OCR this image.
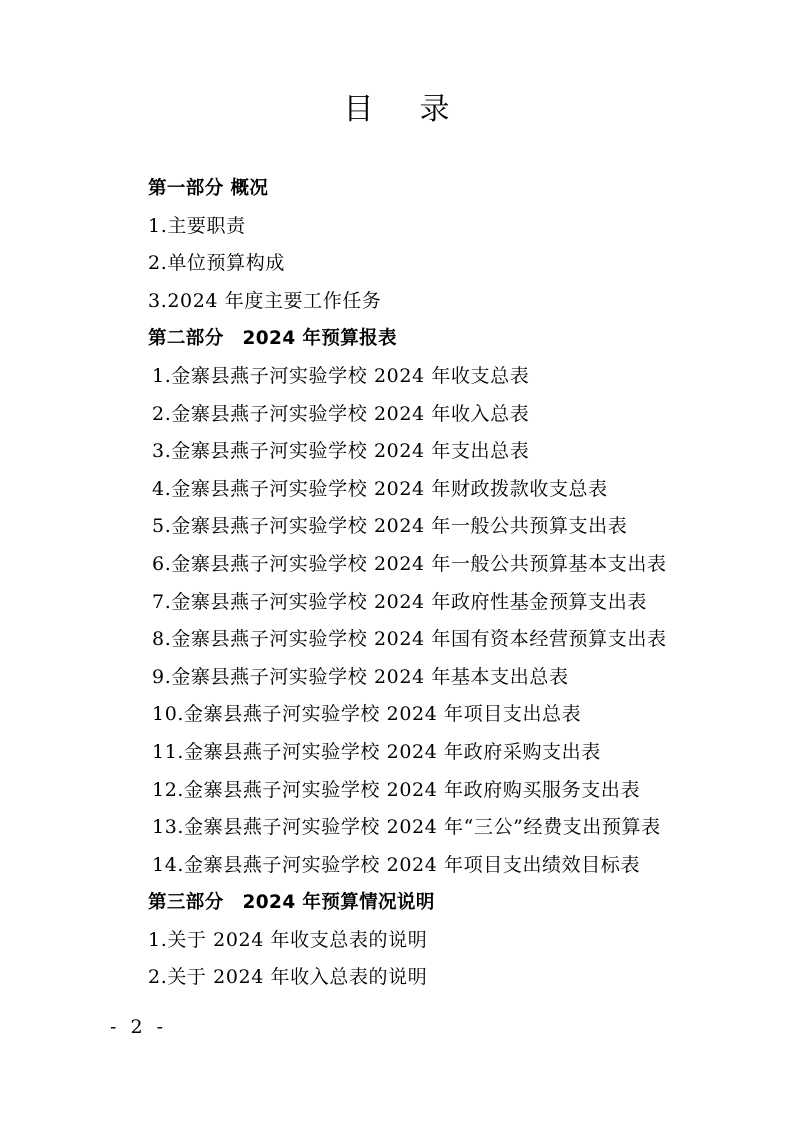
目 录
第一部分 概况
1.主要职责
2.单位预算构成
3.2024 年度主要工作任务
第二部分　2024 年预算报表
1.金寨县燕子河实验学校 2024 年收支总表
2.金寨县燕子河实验学校 2024 年收入总表
3.金寨县燕子河实验学校 2024 年支出总表
4.金寨县燕子河实验学校 2024 年财政拨款收支总表
5.金寨县燕子河实验学校 2024 年一般公共预算支出表
6.金寨县燕子河实验学校 2024 年一般公共预算基本支出表
7.金寨县燕子河实验学校 2024 年政府性基金预算支出表
8.金寨县燕子河实验学校 2024 年国有资本经营预算支出表
9.金寨县燕子河实验学校 2024 年基本支出总表
10.金寨县燕子河实验学校 2024 年项目支出总表
11.金寨县燕子河实验学校 2024 年政府采购支出表
12.金寨县燕子河实验学校 2024 年政府购买服务支出表
13.金寨县燕子河实验学校 2024 年“三公”经费支出预算表
14.金寨县燕子河实验学校 2024 年项目支出绩效目标表
第三部分　2024 年预算情况说明
1.关于 2024 年收支总表的说明
2.关于 2024 年收入总表的说明
- 2 -
